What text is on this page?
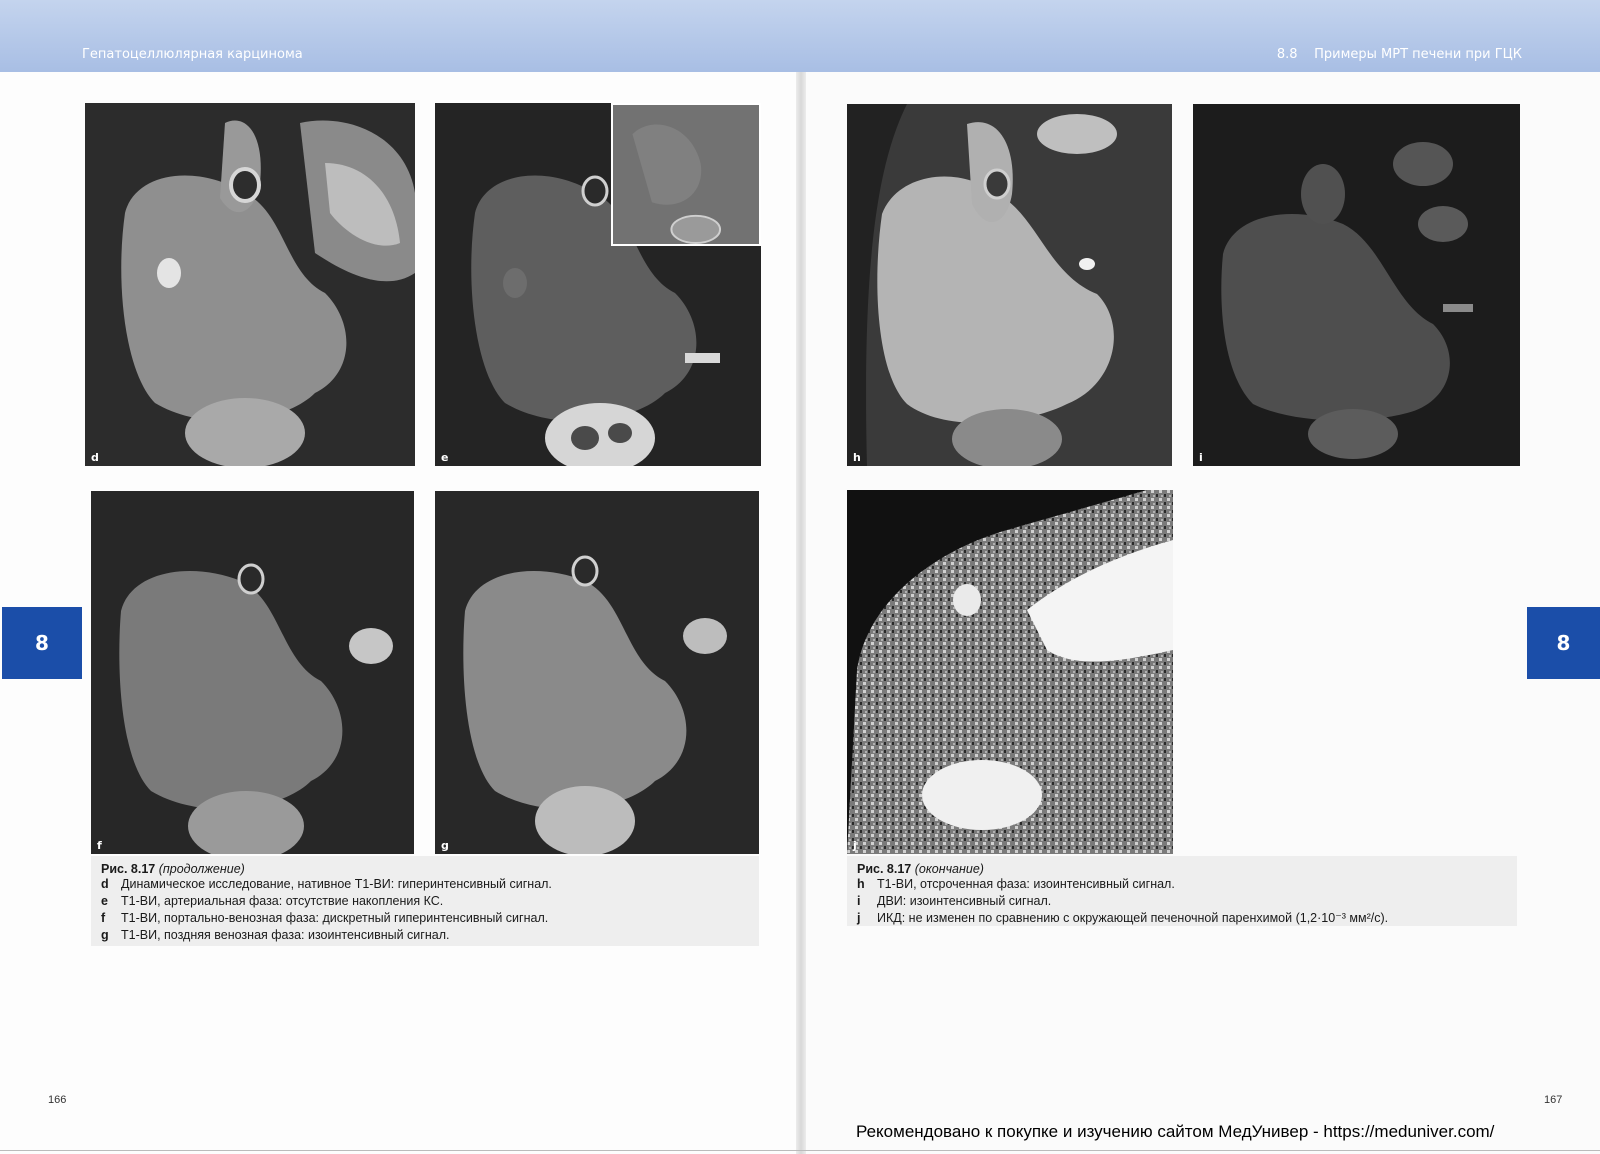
Гепатоцеллюлярная карцинома	8.8    Примеры МРТ печени при ГЦК
8	8
d	e
f	g
Рис. 8.17 (продолжение)
d Динамическое исследование, нативное Т1-ВИ: гиперинтенсивный сигнал.
e	Т1-ВИ, артериальная фаза: отсутствие накопления КС.
f	Т1-ВИ, портально-венозная фаза: дискретный гиперинтенсивный сигнал.
g Т1-ВИ, поздняя венозная фаза: изоинтенсивный сигнал.
h	i
j
Рис. 8.17 (окончание)
h Т1-ВИ, отсроченная фаза: изоинтенсивный сигнал.
i	ДВИ: изоинтенсивный сигнал.
j	ИКД: не изменен по сравнению с окружающей печеночной паренхимой (1,2·10⁻³ мм²/с).
166	167
Рекомендовано к покупке и изучению сайтом МедУнивер - https://meduniver.com/
